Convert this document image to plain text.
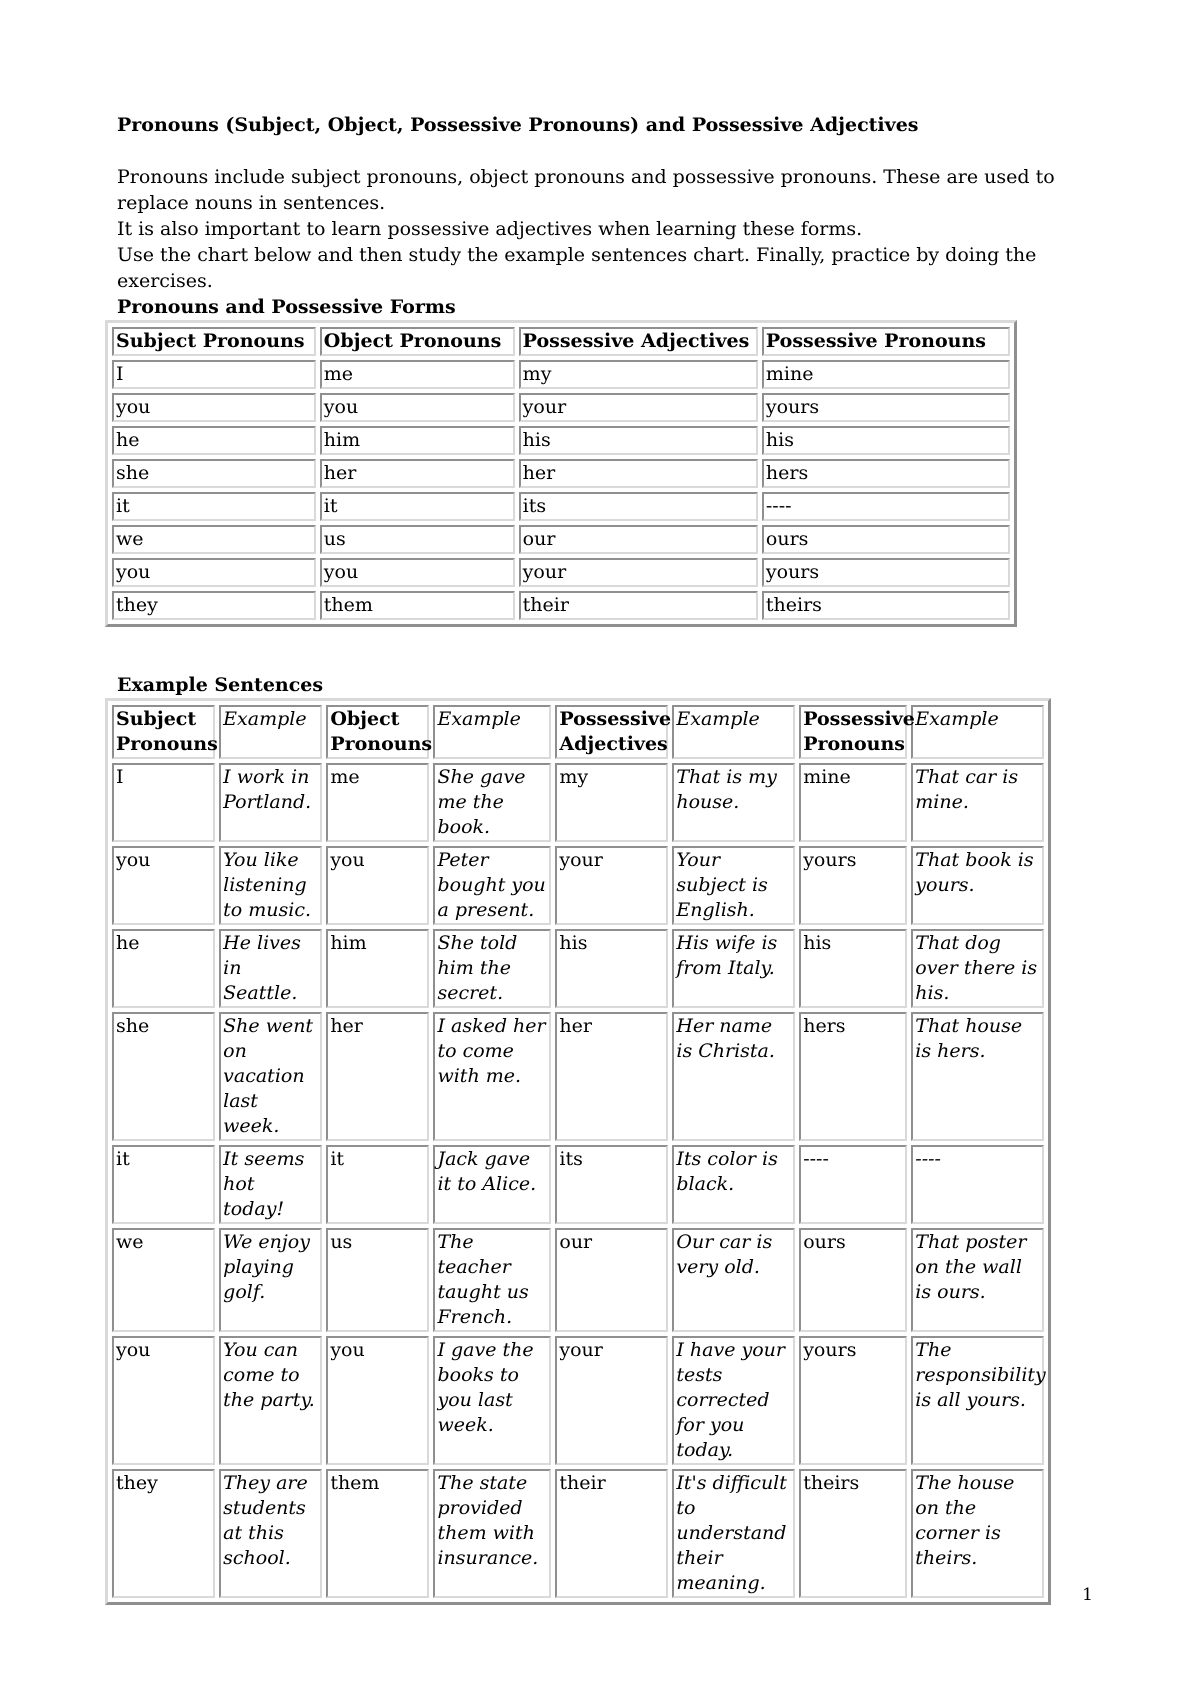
Pronouns (Subject, Object, Possessive Pronouns) and Possessive Adjectives

Pronouns include subject pronouns, object pronouns and possessive pronouns. These are used to replace nouns in sentences.

It is also important to learn possessive adjectives when learning these forms.

Use the chart below and then study the example sentences chart. Finally, practice by doing the exercises.

Pronouns and Possessive Forms
Subject Pronouns	Object Pronouns	Possessive Adjectives	Possessive Pronouns
I	me	my	mine
you	you	your	yours
he	him	his	his
she	her	her	hers
it	it	its	----
we	us	our	ours
you	you	your	yours
they	them	their	theirs
Example Sentences
Subject Pronouns	Example	Object Pronouns	Example	Possessive Adjectives	Example	Possessive Pronouns	Example
I	I work in Portland.	me	She gave me the book.	my	That is my house.	mine	That car is mine.
you	You like listening to music.	you	Peter bought you a present.	your	Your subject is English.	yours	That book is yours.
he	He lives in Seattle.	him	She told him the secret.	his	His wife is from Italy.	his	That dog over there is his.
she	She went on vacation last week.	her	I asked her to come with me.	her	Her name is Christa.	hers	That house is hers.
it	It seems hot today!	it	Jack gave it to Alice.	its	Its color is black.	----	----
we	We enjoy playing golf.	us	The teacher taught us French.	our	Our car is very old.	ours	That poster on the wall is ours.
you	You can come to the party.	you	I gave the books to you last week.	your	I have your tests corrected for you today.	yours	The responsibility is all yours.
they	They are students at this school.	them	The state provided them with insurance.	their	It's difficult to understand their meaning.	theirs	The house on the corner is theirs.
1
